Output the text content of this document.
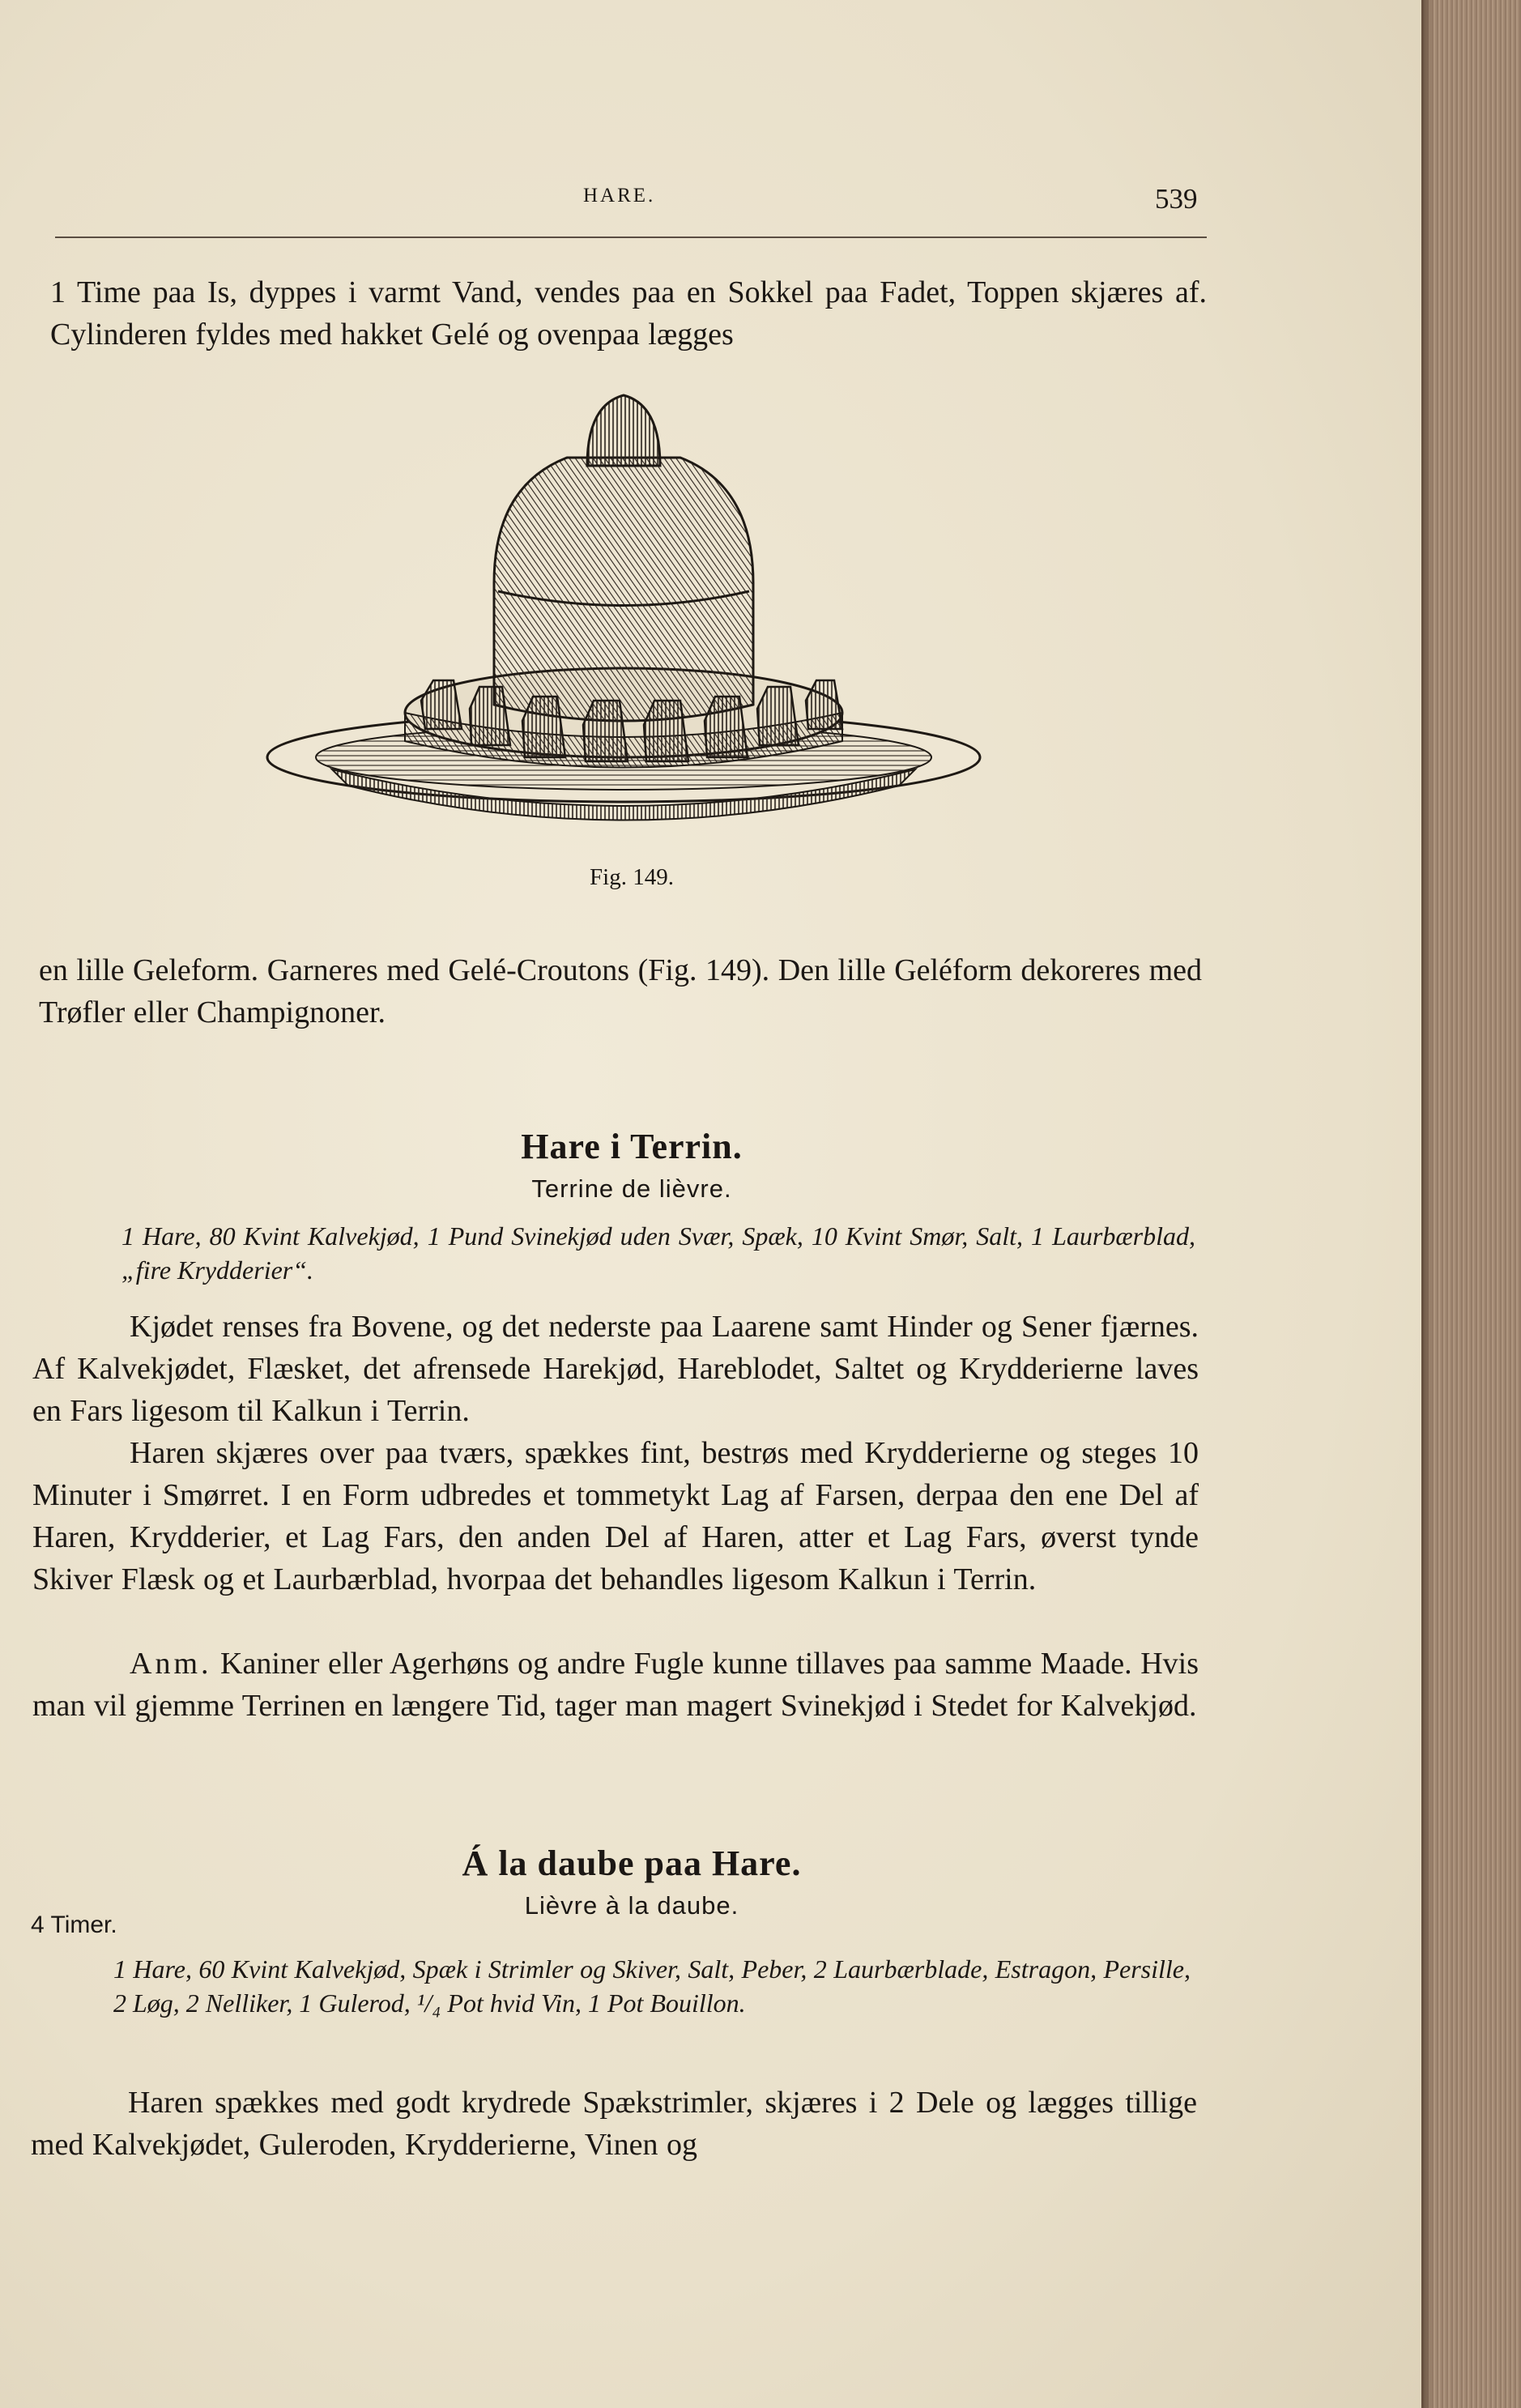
HARE.	539

1 Time paa Is, dyppes i varmt Vand, vendes paa en Sokkel paa Fadet, Toppen skjæres af. Cylinderen fyldes med hakket Gelé og ovenpaa lægges

Fig. 149.

en lille Geleform. Garneres med Gelé-Croutons (Fig. 149). Den lille Geléform dekoreres med Trøfler eller Champignoner.

Hare i Terrin.
Terrine de lièvre.

1 Hare, 80 Kvint Kalvekjød, 1 Pund Svinekjød uden Svær, Spæk, 10 Kvint Smør, Salt, 1 Laurbærblad, „fire Krydderier“.

Kjødet renses fra Bovene, og det nederste paa Laarene samt Hinder og Sener fjærnes. Af Kalvekjødet, Flæsket, det afrensede Harekjød, Hareblodet, Saltet og Krydderierne laves en Fars ligesom til Kalkun i Terrin.

Haren skjæres over paa tværs, spækkes fint, bestrøs med Krydderierne og steges 10 Minuter i Smørret. I en Form udbredes et tommetykt Lag af Farsen, derpaa den ene Del af Haren, Krydderier, et Lag Fars, den anden Del af Haren, atter et Lag Fars, øverst tynde Skiver Flæsk og et Laurbærblad, hvorpaa det behandles ligesom Kalkun i Terrin.

Anm. Kaniner eller Agerhøns og andre Fugle kunne tillaves paa samme Maade. Hvis man vil gjemme Terrinen en længere Tid, tager man magert Svinekjød i Stedet for Kalvekjød.

Á la daube paa Hare.
Lièvre à la daube.
4 Timer.

1 Hare, 60 Kvint Kalvekjød, Spæk i Strimler og Skiver, Salt, Peber, 2 Laurbærblade, Estragon, Persille, 2 Løg, 2 Nelliker, 1 Gulerod, ¹/₄ Pot hvid Vin, 1 Pot Bouillon.

Haren spækkes med godt krydrede Spækstrimler, skjæres i 2 Dele og lægges tillige med Kalvekjødet, Guleroden, Krydderierne, Vinen og
